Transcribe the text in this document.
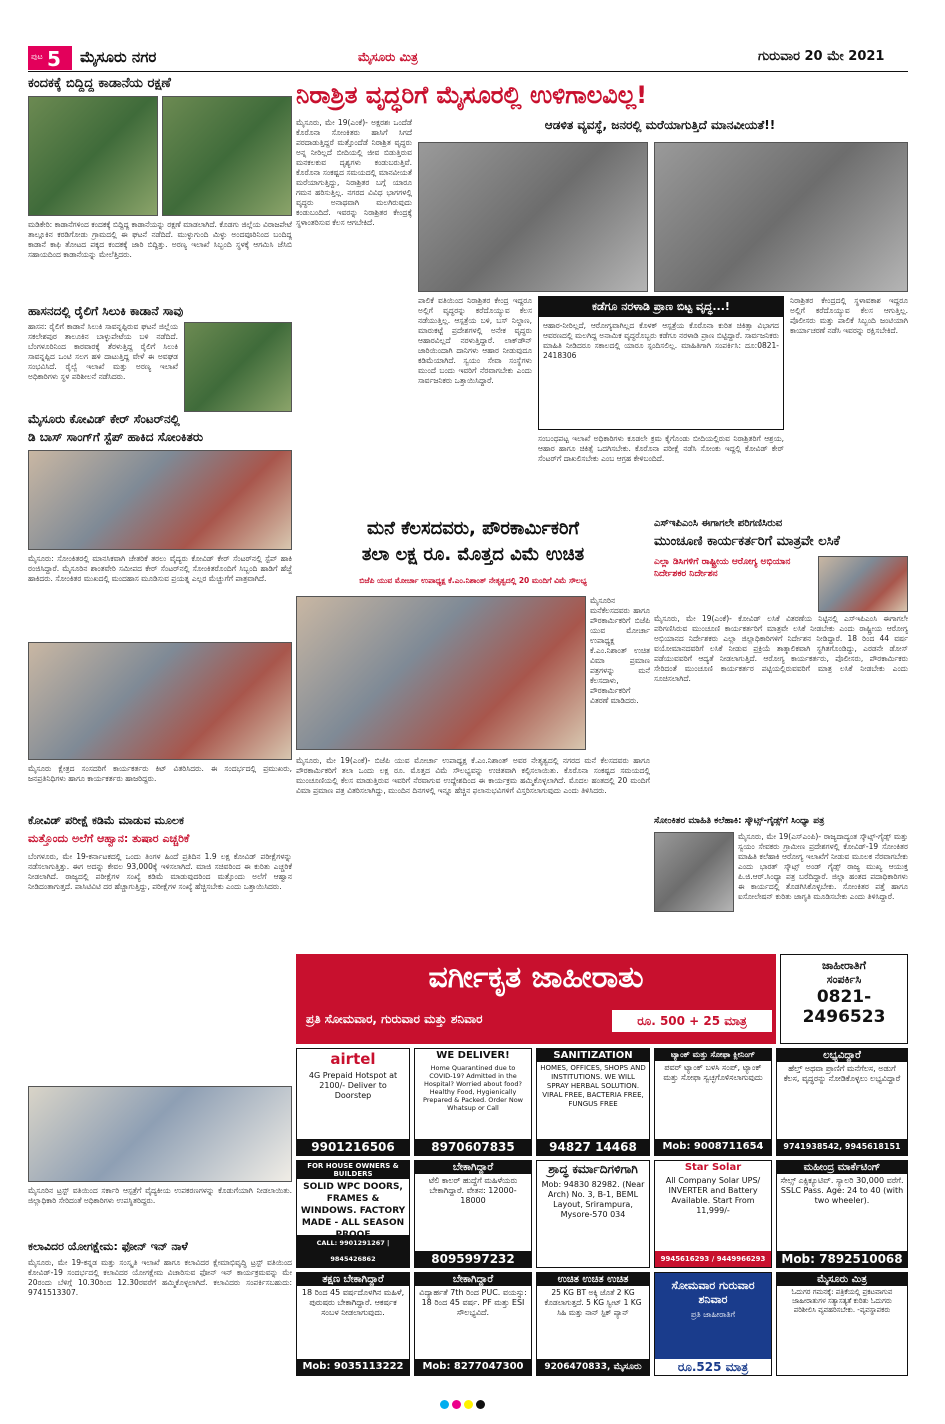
ಪುಟ 5 ಮೈಸೂರು ನಗರ	ಮೈಸೂರು ಮಿತ್ರ	ಗುರುವಾರ 20 ಮೇ 2021
ಕಂದಕಕ್ಕೆ ಬಿದ್ದಿದ್ದ ಕಾಡಾನೆಯ ರಕ್ಷಣೆ
ಮಡಿಕೇರಿ: ಕಾಡಾನೆಗಳಿಂದ ಕಂದಕಕ್ಕೆ ಬಿದ್ದಿದ್ದ ಕಾಡಾನೆಯನ್ನು ರಕ್ಷಣೆ ಮಾಡಲಾಗಿದೆ. ಕೊಡಗು ಜಿಲ್ಲೆಯ ವಿರಾಜಪೇಟೆ ತಾಲ್ಲೂಕಿನ ಕರಡಿಗೋಡು ಗ್ರಾಮದಲ್ಲಿ ಈ ಘಟನೆ ನಡೆದಿದೆ. ಮುಳ್ಳುಗುಂದಿ ಮಿಳ್ಳು ಅಂದವೂರಿನಿಂದ ಬಂದಿದ್ದ ಕಾಡಾನೆ ಕಾಫಿ ತೋಟದ ಪಕ್ಕದ ಕಂದಕಕ್ಕೆ ಜಾರಿ ಬಿದ್ದಿತ್ತು. ಅರಣ್ಯ ಇಲಾಖೆ ಸಿಬ್ಬಂದಿ ಸ್ಥಳಕ್ಕೆ ಆಗಮಿಸಿ ಜೆಸಿಬಿ ಸಹಾಯದಿಂದ ಕಾಡಾನೆಯನ್ನು ಮೇಲೆತ್ತಿದರು.
ಹಾಸನದಲ್ಲಿ ರೈಲಿಗೆ ಸಿಲುಕಿ ಕಾಡಾನೆ ಸಾವು
ಹಾಸನ: ರೈಲಿಗೆ ಕಾಡಾನೆ ಸಿಲುಕಿ ಸಾವನ್ನಪ್ಪಿರುವ ಘಟನೆ ಜಿಲ್ಲೆಯ ಸಕಲೇಶಪುರ ತಾಲೂಕಿನ ಬಾಳ್ಳುಪೇಟೆಯ ಬಳಿ ನಡೆದಿದೆ. ಬೆಂಗಳೂರಿನಿಂದ ಕಾರವಾರಕ್ಕೆ ತೆರಳುತ್ತಿದ್ದ ರೈಲಿಗೆ ಸಿಲುಕಿ ಸಾವನ್ನಪ್ಪಿದ ಒಂಟಿ ಸಲಗ ಹಳಿ ದಾಟುತ್ತಿದ್ದ ವೇಳೆ ಈ ಅವಘಡ ಸಂಭವಿಸಿದೆ. ರೈಲ್ವೆ ಇಲಾಖೆ ಮತ್ತು ಅರಣ್ಯ ಇಲಾಖೆ ಅಧಿಕಾರಿಗಳು ಸ್ಥಳ ಪರಿಶೀಲನೆ ನಡೆಸಿದರು.
ಮೈಸೂರು ಕೋವಿಡ್ ಕೇರ್ ಸೆಂಟರ್‌ನಲ್ಲಿ
ಡಿ ಬಾಸ್ ಸಾಂಗ್‌ಗೆ ಸ್ಟೆಪ್ ಹಾಕಿದ ಸೋಂಕಿತರು
ಮೈಸೂರು: ಸೋಂಕಿತರಲ್ಲಿ ಮಾನಸಿಕವಾಗಿ ಚೇತರಿಕೆ ತರಲು ವೈದ್ಯರು ಕೋವಿಡ್ ಕೇರ್ ಸೆಂಟರ್‌ನಲ್ಲಿ ಸ್ಟೆಪ್ ಹಾಕಿ ರಂಜಿಸಿದ್ದಾರೆ. ಮೈಸೂರಿನ ಶಾಂತವೇರಿ ಸಮೀಪದ ಕೇರ್ ಸೆಂಟರ್‌ನಲ್ಲಿ ಸೋಂಕಿತರೊಂದಿಗೆ ಸಿಬ್ಬಂದಿ ಹಾಡಿಗೆ ಹೆಜ್ಜೆ ಹಾಕಿದರು. ಸೋಂಕಿತರ ಮುಖದಲ್ಲಿ ಮಂದಹಾಸ ಮೂಡಿಸುವ ಪ್ರಯತ್ನ ಎಲ್ಲರ ಮೆಚ್ಚುಗೆಗೆ ಪಾತ್ರವಾಗಿದೆ.
ಮೈಸೂರು ಕ್ಷೇತ್ರದ ಸಂಸದರಿಗೆ ಕಾರ್ಯಕರ್ತರು ಕಿಟ್ ವಿತರಿಸಿದರು. ಈ ಸಂದರ್ಭದಲ್ಲಿ ಪ್ರಮುಖರು, ಜನಪ್ರತಿನಿಧಿಗಳು ಹಾಗೂ ಕಾರ್ಯಕರ್ತರು ಹಾಜರಿದ್ದರು.
ಕೋವಿಡ್ ಪರೀಕ್ಷೆ ಕಡಿಮೆ ಮಾಡುವ ಮೂಲಕ
ಮತ್ತೊಂದು ಅಲೆಗೆ ಆಹ್ವಾನ: ತುಷಾರ ಎಚ್ಚರಿಕೆ
ಬೆಂಗಳೂರು, ಮೇ 19-ಕರ್ನಾಟಕದಲ್ಲಿ ಒಂದು ತಿಂಗಳ ಹಿಂದೆ ಪ್ರತಿದಿನ 1.9 ಲಕ್ಷ ಕೋವಿಡ್ ಪರೀಕ್ಷೆಗಳನ್ನು ನಡೆಸಲಾಗುತ್ತಿತ್ತು. ಈಗ ಅದನ್ನು ಕೇವಲ 93,000ಕ್ಕೆ ಇಳಿಸಲಾಗಿದೆ. ಮಾಜಿ ಸಚಿವರಿಂದ ಈ ಕುರಿತು ಎಚ್ಚರಿಕೆ ನೀಡಲಾಗಿದೆ. ರಾಜ್ಯದಲ್ಲಿ ಪರೀಕ್ಷೆಗಳ ಸಂಖ್ಯೆ ಕಡಿಮೆ ಮಾಡುವುದರಿಂದ ಮತ್ತೊಂದು ಅಲೆಗೆ ಆಹ್ವಾನ ನೀಡಿದಂತಾಗುತ್ತದೆ. ಪಾಸಿಟಿವಿಟಿ ದರ ಹೆಚ್ಚಾಗುತ್ತಿದ್ದು, ಪರೀಕ್ಷೆಗಳ ಸಂಖ್ಯೆ ಹೆಚ್ಚಿಸಬೇಕು ಎಂದು ಒತ್ತಾಯಿಸಿದರು.
ಮೈಸೂರಿನ ಟ್ರಸ್ಟ್ ವತಿಯಿಂದ ಸರ್ಕಾರಿ ಆಸ್ಪತ್ರೆಗೆ ವೈದ್ಯಕೀಯ ಉಪಕರಣಗಳನ್ನು ಕೊಡುಗೆಯಾಗಿ ನೀಡಲಾಯಿತು. ಜಿಲ್ಲಾಧಿಕಾರಿ ಸೇರಿದಂತೆ ಅಧಿಕಾರಿಗಳು ಉಪಸ್ಥಿತರಿದ್ದರು.
ಕಲಾವಿದರ ಯೋಗಕ್ಷೇಮ: ಫೋನ್ ಇನ್ ನಾಳೆ
ಮೈಸೂರು, ಮೇ 19-ಕನ್ನಡ ಮತ್ತು ಸಂಸ್ಕೃತಿ ಇಲಾಖೆ ಹಾಗೂ ಕಲಾವಿದರ ಕ್ಷೇಮಾಭಿವೃದ್ಧಿ ಟ್ರಸ್ಟ್ ವತಿಯಿಂದ ಕೋವಿಡ್-19 ಸಂದರ್ಭದಲ್ಲಿ ಕಲಾವಿದರ ಯೋಗಕ್ಷೇಮ ವಿಚಾರಿಸುವ ಫೋನ್ ಇನ್ ಕಾರ್ಯಕ್ರಮವನ್ನು ಮೇ 20ರಂದು ಬೆಳಿಗ್ಗೆ 10.30ರಿಂದ 12.30ರವರೆಗೆ ಹಮ್ಮಿಕೊಳ್ಳಲಾಗಿದೆ. ಕಲಾವಿದರು ಸಂಪರ್ಕಿಸಬಹುದು: 9741513307.
ನಿರಾಶ್ರಿತ ವೃದ್ಧರಿಗೆ ಮೈಸೂರಲ್ಲಿ ಉಳಿಗಾಲವಿಲ್ಲ!
ಆಡಳಿತ ವ್ಯವಸ್ಥೆ, ಜನರಲ್ಲಿ ಮರೆಯಾಗುತ್ತಿದೆ ಮಾನವೀಯತೆ!!
ಮೈಸೂರು, ಮೇ 19(ಎಂಕೆ)- ಅಕ್ಷರಶಃ ಒಂದೆಡೆ ಕೊರೊನಾ ಸೋಂಕಿತರು ಹಾಸಿಗೆ ಸಿಗದೆ ಪರದಾಡುತ್ತಿದ್ದರೆ ಮತ್ತೊಂದೆಡೆ ನಿರಾಶ್ರಿತ ವೃದ್ಧರು ಅನ್ನ ನೀರಿಲ್ಲದೆ ಬೀದಿಯಲ್ಲಿ ಜೀವ ಬಿಡುತ್ತಿರುವ ಮನಕಲಕುವ ದೃಶ್ಯಗಳು ಕಂಡುಬರುತ್ತಿವೆ. ಕೊರೊನಾ ಸಂಕಷ್ಟದ ಸಮಯದಲ್ಲಿ ಮಾನವೀಯತೆ ಮರೆಯಾಗುತ್ತಿದ್ದು, ನಿರಾಶ್ರಿತರ ಬಗ್ಗೆ ಯಾರೂ ಗಮನ ಹರಿಸುತ್ತಿಲ್ಲ. ನಗರದ ವಿವಿಧ ಭಾಗಗಳಲ್ಲಿ ವೃದ್ಧರು ಅನಾಥವಾಗಿ ಮಲಗಿರುವುದು ಕಂಡುಬಂದಿದೆ. ಇವರನ್ನು ನಿರಾಶ್ರಿತರ ಕೇಂದ್ರಕ್ಕೆ ಸ್ಥಳಾಂತರಿಸುವ ಕೆಲಸ ಆಗಬೇಕಿದೆ.
ಪಾಲಿಕೆ ವತಿಯಿಂದ ನಿರಾಶ್ರಿತರ ಕೇಂದ್ರ ಇದ್ದರೂ ಅಲ್ಲಿಗೆ ವೃದ್ಧರನ್ನು ಕರೆದೊಯ್ಯುವ ಕೆಲಸ ನಡೆಯುತ್ತಿಲ್ಲ. ಆಸ್ಪತ್ರೆಯ ಬಳಿ, ಬಸ್ ನಿಲ್ದಾಣ, ಮಾರುಕಟ್ಟೆ ಪ್ರದೇಶಗಳಲ್ಲಿ ಅನೇಕ ವೃದ್ಧರು ಆಹಾರವಿಲ್ಲದೆ ನರಳುತ್ತಿದ್ದಾರೆ. ಲಾಕ್‌ಡೌನ್ ಜಾರಿಯಿಂದಾಗಿ ದಾನಿಗಳು ಆಹಾರ ನೀಡುವುದೂ ಕಡಿಮೆಯಾಗಿದೆ. ಸ್ವಯಂ ಸೇವಾ ಸಂಸ್ಥೆಗಳು ಮುಂದೆ ಬಂದು ಇವರಿಗೆ ನೆರವಾಗಬೇಕು ಎಂದು ಸಾರ್ವಜನಿಕರು ಒತ್ತಾಯಿಸಿದ್ದಾರೆ.
ನಿರಾಶ್ರಿತರ ಕೇಂದ್ರದಲ್ಲಿ ಸ್ಥಳಾವಕಾಶ ಇದ್ದರೂ ಅಲ್ಲಿಗೆ ಕರೆದೊಯ್ಯುವ ಕೆಲಸ ಆಗುತ್ತಿಲ್ಲ. ಪೊಲೀಸರು ಮತ್ತು ಪಾಲಿಕೆ ಸಿಬ್ಬಂದಿ ಜಂಟಿಯಾಗಿ ಕಾರ್ಯಾಚರಣೆ ನಡೆಸಿ ಇವರನ್ನು ರಕ್ಷಿಸಬೇಕಿದೆ.
ಕಡೆಗೂ ನರಳಾಡಿ ಪ್ರಾಣ ಬಿಟ್ಟ ವೃದ್ಧ...!
ಆಹಾರ-ನೀರಿಲ್ಲದೆ, ಆರೋಗ್ಯವಾಗಿಲ್ಲದ ಕೊಳಕ್ ಆಸ್ಪತ್ರೆಯ ಕೊರೊನಾ ಕುರಿತ ಚಿಕಿತ್ಸಾ ವಿಭಾಗದ ಆವರಣದಲ್ಲಿ ಮಲಗಿದ್ದ ಅನಾಮಿಕ ವೃದ್ಧರೊಬ್ಬರು ಕಡೆಗೂ ನರಳಾಡಿ ಪ್ರಾಣ ಬಿಟ್ಟಿದ್ದಾರೆ. ಸಾರ್ವಜನಿಕರು ಮಾಹಿತಿ ನೀಡಿದರೂ ಸಕಾಲದಲ್ಲಿ ಯಾರೂ ಸ್ಪಂದಿಸಲಿಲ್ಲ. ಮಾಹಿತಿಗಾಗಿ ಸಂಪರ್ಕಿಸಿ: ದೂ:0821-2418306
ಸಂಬಂಧಪಟ್ಟ ಇಲಾಖೆ ಅಧಿಕಾರಿಗಳು ಕೂಡಲೇ ಕ್ರಮ ಕೈಗೊಂಡು ಬೀದಿಯಲ್ಲಿರುವ ನಿರಾಶ್ರಿತರಿಗೆ ಆಶ್ರಯ, ಆಹಾರ ಹಾಗೂ ಚಿಕಿತ್ಸೆ ಒದಗಿಸಬೇಕು. ಕೊರೊನಾ ಪರೀಕ್ಷೆ ನಡೆಸಿ ಸೋಂಕು ಇದ್ದಲ್ಲಿ ಕೋವಿಡ್ ಕೇರ್ ಸೆಂಟರ್‌ಗೆ ದಾಖಲಿಸಬೇಕು ಎಂಬ ಆಗ್ರಹ ಕೇಳಿಬಂದಿದೆ.
ಮನೆ ಕೆಲಸದವರು, ಪೌರಕಾರ್ಮಿಕರಿಗೆ
ತಲಾ ಲಕ್ಷ ರೂ. ಮೊತ್ತದ ವಿಮೆ ಉಚಿತ
ಬಿಜೆಪಿ ಯುವ ಮೋರ್ಚಾ ಉಪಾಧ್ಯಕ್ಷ ಕೆ.ಎಂ.ನಿಶಾಂತ್ ನೇತೃತ್ವದಲ್ಲಿ 20 ಮಂದಿಗೆ ವಿಮೆ ಸೌಲಭ್ಯ
ಮೈಸೂರಿನ ಮನೆಕೆಲಸದವರು ಹಾಗೂ ಪೌರಕಾರ್ಮಿಕರಿಗೆ ಬಿಜೆಪಿ ಯುವ ಮೋರ್ಚಾ ಉಪಾಧ್ಯಕ್ಷ ಕೆ.ಎಂ.ನಿಶಾಂತ್ ಉಚಿತ ವಿಮಾ ಪ್ರಮಾಣ ಪತ್ರಗಳನ್ನು ಮನೆ ಕೆಲಸದಾಳು, ಪೌರಕಾರ್ಮಿಕರಿಗೆ ವಿತರಣೆ ಮಾಡಿದರು.
ಮೈಸೂರು, ಮೇ 19(ಎಂಕೆ)- ಬಿಜೆಪಿ ಯುವ ಮೋರ್ಚಾ ಉಪಾಧ್ಯಕ್ಷ ಕೆ.ಎಂ.ನಿಶಾಂತ್ ಅವರ ನೇತೃತ್ವದಲ್ಲಿ ನಗರದ ಮನೆ ಕೆಲಸದವರು ಹಾಗೂ ಪೌರಕಾರ್ಮಿಕರಿಗೆ ತಲಾ ಒಂದು ಲಕ್ಷ ರೂ. ಮೊತ್ತದ ವಿಮೆ ಸೌಲಭ್ಯವನ್ನು ಉಚಿತವಾಗಿ ಕಲ್ಪಿಸಲಾಯಿತು. ಕೊರೊನಾ ಸಂಕಷ್ಟದ ಸಮಯದಲ್ಲಿ ಮುಂಚೂಣಿಯಲ್ಲಿ ಕೆಲಸ ಮಾಡುತ್ತಿರುವ ಇವರಿಗೆ ನೆರವಾಗುವ ಉದ್ದೇಶದಿಂದ ಈ ಕಾರ್ಯಕ್ರಮ ಹಮ್ಮಿಕೊಳ್ಳಲಾಗಿದೆ. ಮೊದಲ ಹಂತದಲ್ಲಿ 20 ಮಂದಿಗೆ ವಿಮಾ ಪ್ರಮಾಣ ಪತ್ರ ವಿತರಿಸಲಾಗಿದ್ದು, ಮುಂದಿನ ದಿನಗಳಲ್ಲಿ ಇನ್ನೂ ಹೆಚ್ಚಿನ ಫಲಾನುಭವಿಗಳಿಗೆ ವಿಸ್ತರಿಸಲಾಗುವುದು ಎಂದು ತಿಳಿಸಿದರು.
ಎಸ್‌ಇಪಿಎಂಸಿ ಈಗಾಗಲೇ ಪರಿಗಣಿಸಿರುವ
ಮುಂಚೂಣಿ ಕಾರ್ಯಕರ್ತರಿಗೆ ಮಾತ್ರವೇ ಲಸಿಕೆ
ಎಲ್ಲಾ ಡಿಸಿಗಳಿಗೆ ರಾಷ್ಟ್ರೀಯ ಆರೋಗ್ಯ ಅಭಿಯಾನ ನಿರ್ದೇಶಕರ ನಿರ್ದೇಶನ
ಮೈಸೂರು, ಮೇ 19(ಎಂಕೆ)- ಕೋವಿಡ್ ಲಸಿಕೆ ವಿತರಣೆಯ ನಿಟ್ಟಿನಲ್ಲಿ ಎಸ್‌ಇಪಿಎಂಸಿ ಈಗಾಗಲೇ ಪರಿಗಣಿಸಿರುವ ಮುಂಚೂಣಿ ಕಾರ್ಯಕರ್ತರಿಗೆ ಮಾತ್ರವೇ ಲಸಿಕೆ ನೀಡಬೇಕು ಎಂದು ರಾಷ್ಟ್ರೀಯ ಆರೋಗ್ಯ ಅಭಿಯಾನದ ನಿರ್ದೇಶಕರು ಎಲ್ಲಾ ಜಿಲ್ಲಾಧಿಕಾರಿಗಳಿಗೆ ನಿರ್ದೇಶನ ನೀಡಿದ್ದಾರೆ. 18 ರಿಂದ 44 ವರ್ಷ ವಯೋಮಾನದವರಿಗೆ ಲಸಿಕೆ ನೀಡುವ ಪ್ರಕ್ರಿಯೆ ತಾತ್ಕಾಲಿಕವಾಗಿ ಸ್ಥಗಿತಗೊಂಡಿದ್ದು, ಎರಡನೇ ಡೋಸ್ ಪಡೆಯುವವರಿಗೆ ಆದ್ಯತೆ ನೀಡಲಾಗುತ್ತಿದೆ. ಆರೋಗ್ಯ ಕಾರ್ಯಕರ್ತರು, ಪೊಲೀಸರು, ಪೌರಕಾರ್ಮಿಕರು ಸೇರಿದಂತೆ ಮುಂಚೂಣಿ ಕಾರ್ಯಕರ್ತರ ಪಟ್ಟಿಯಲ್ಲಿರುವವರಿಗೆ ಮಾತ್ರ ಲಸಿಕೆ ನೀಡಬೇಕು ಎಂದು ಸೂಚಿಸಲಾಗಿದೆ.
ಸೋಂಕಿತರ ಮಾಹಿತಿ ಕಲೆಹಾಕಿ: ಸ್ಕೌಟ್ಸ್-ಗೈಡ್ಸ್‌ಗೆ ಸಿಂಧ್ಯಾ ಪತ್ರ
ಮೈಸೂರು, ಮೇ 19(ಎಸ್‌ಎಂಪಿ)- ರಾಜ್ಯದಾದ್ಯಂತ ಸ್ಕೌಟ್ಸ್-ಗೈಡ್ಸ್ ಮತ್ತು ಸ್ವಯಂ ಸೇವಕರು ಗ್ರಾಮೀಣ ಪ್ರದೇಶಗಳಲ್ಲಿ ಕೋವಿಡ್-19 ಸೋಂಕಿತರ ಮಾಹಿತಿ ಕಲೆಹಾಕಿ ಆರೋಗ್ಯ ಇಲಾಖೆಗೆ ನೀಡುವ ಮೂಲಕ ನೆರವಾಗಬೇಕು ಎಂದು ಭಾರತ್ ಸ್ಕೌಟ್ಸ್ ಅಂಡ್ ಗೈಡ್ಸ್ ರಾಜ್ಯ ಮುಖ್ಯ ಆಯುಕ್ತ ಪಿ.ಜಿ.ಆರ್.ಸಿಂಧ್ಯಾ ಪತ್ರ ಬರೆದಿದ್ದಾರೆ. ಜಿಲ್ಲಾ ಹಂತದ ಪದಾಧಿಕಾರಿಗಳು ಈ ಕಾರ್ಯದಲ್ಲಿ ತೊಡಗಿಸಿಕೊಳ್ಳಬೇಕು. ಸೋಂಕಿತರ ಪತ್ತೆ ಹಾಗೂ ಐಸೋಲೇಷನ್ ಕುರಿತು ಜಾಗೃತಿ ಮೂಡಿಸಬೇಕು ಎಂದು ತಿಳಿಸಿದ್ದಾರೆ.
ವರ್ಗೀಕೃತ ಜಾಹೀರಾತು
ಪ್ರತಿ ಸೋಮವಾರ, ಗುರುವಾರ ಮತ್ತು ಶನಿವಾರ	ರೂ. 500 + 25 ಮಾತ್ರ
ಜಾಹೀರಾತಿಗೆ
ಸಂಪರ್ಕಿಸಿ
0821-
2496523
airtel
4G Prepaid Hotspot at 2100/- Deliver to Doorstep
9901216506
WE DELIVER!
Home Quarantined due to COVID-19? Admitted in the Hospital? Worried about food? Healthy Food, Hygienically Prepared & Packed. Order Now Whatsup or Call
8970607835
SANITIZATION
HOMES, OFFICES, SHOPS AND INSTITUTIONS. WE WILL SPRAY HERBAL SOLUTION. VIRAL FREE, BACTERIA FREE, FUNGUS FREE
94827 14468
ಟ್ಯಾಂಕ್ ಮತ್ತು ಸೋಫಾ ಕ್ಲೀನಿಂಗ್
ಪವರ್ ಟ್ಯಾಂಕ್ ಬಳಸಿ ಸಂಪ್, ಟ್ಯಾಂಕ್ ಮತ್ತು ಸೋಫಾ ಸ್ವಚ್ಛಗೊಳಿಸಲಾಗುವುದು
Mob: 9008711654
ಲಭ್ಯವಿದ್ದಾರೆ
ಹೆಲ್ತ್ ಅಥವಾ ಪ್ರಾಣಿಗೆ ಮನೆಗೆಲಸ, ಅಡುಗೆ ಕೆಲಸ, ವೃದ್ಧರನ್ನು ನೋಡಿಕೊಳ್ಳಲು ಲಭ್ಯವಿದ್ದಾರೆ
9741938542, 9945618151
FOR HOUSE OWNERS & BUILDERS
SOLID WPC DOORS, FRAMES & WINDOWS. FACTORY MADE - ALL SEASON
CALL: 9901291267 | 9845426862
ಬೇಕಾಗಿದ್ದಾರೆ
ಟೆಲಿ ಕಾಲರ್ ಹುದ್ದೆಗೆ ಮಹಿಳೆಯರು ಬೇಕಾಗಿದ್ದಾರೆ. ವೇತನ: 12000-18000
8095997232
ಶ್ರಾದ್ಧ ಕರ್ಮಾದಿಗಳಿಗಾಗಿ
Mob: 94830 82982. (Near Arch) No. 3, B-1, BEML Layout, Srirampura, Mysore-570 034
Star Solar
All Company Solar UPS/ INVERTER and Battery Available. Start From 11,999/-
9945616293 / 9449966293
ಮಹೀಂದ್ರ ಮಾರ್ಕೆಟಿಂಗ್
ಸೇಲ್ಸ್ ಎಕ್ಸಿಕ್ಯೂಟಿವ್. ಸ್ಯಾಲರಿ 30,000 ವರೆಗೆ. SSLC Pass. Age: 24 to 40 (with two wheeler).
Mob: 7892510068
ತಕ್ಷಣ ಬೇಕಾಗಿದ್ದಾರೆ
18 ರಿಂದ 45 ವರ್ಷದೊಳಗಿನ ಮಹಿಳೆ, ಪುರುಷರು ಬೇಕಾಗಿದ್ದಾರೆ. ಆಕರ್ಷಕ ಸಂಬಳ ನೀಡಲಾಗುವುದು.
Mob: 9035113222
ಬೇಕಾಗಿದ್ದಾರೆ
ವಿದ್ಯಾರ್ಹತೆ 7th ರಿಂದ PUC. ವಯಸ್ಸು: 18 ರಿಂದ 45 ವರ್ಷ. PF ಮತ್ತು ESI ಸೌಲಭ್ಯವಿದೆ.
Mob: 8277047300
ಉಚಿತ ಉಚಿತ ಉಚಿತ
25 KG BT ಅಕ್ಕಿ ಜೊತೆ 2 KG ಕೊಡಲಾಗುತ್ತದೆ. 5 KG ಸ್ವೀಟ್ 1 KG ಸಿಹಿ ಮತ್ತು ನಾನ್ ಸ್ಟಿಕ್ ಪ್ಯಾನ್
9206470833, ಮೈಸೂರು
ಸೋಮವಾರ ಗುರುವಾರ ಶನಿವಾರ
ಪ್ರತಿ ಜಾಹೀರಾತಿಗೆ
ರೂ.525 ಮಾತ್ರ
ಮೈಸೂರು ಮಿತ್ರ
ಓದುಗರ ಗಮನಕ್ಕೆ: ಪತ್ರಿಕೆಯಲ್ಲಿ ಪ್ರಕಟವಾಗುವ ಜಾಹೀರಾತುಗಳ ಸತ್ಯಾಸತ್ಯತೆ ಕುರಿತು ಓದುಗರು ಪರಿಶೀಲಿಸಿ ವ್ಯವಹರಿಸಬೇಕು. -ವ್ಯವಸ್ಥಾಪಕರು
